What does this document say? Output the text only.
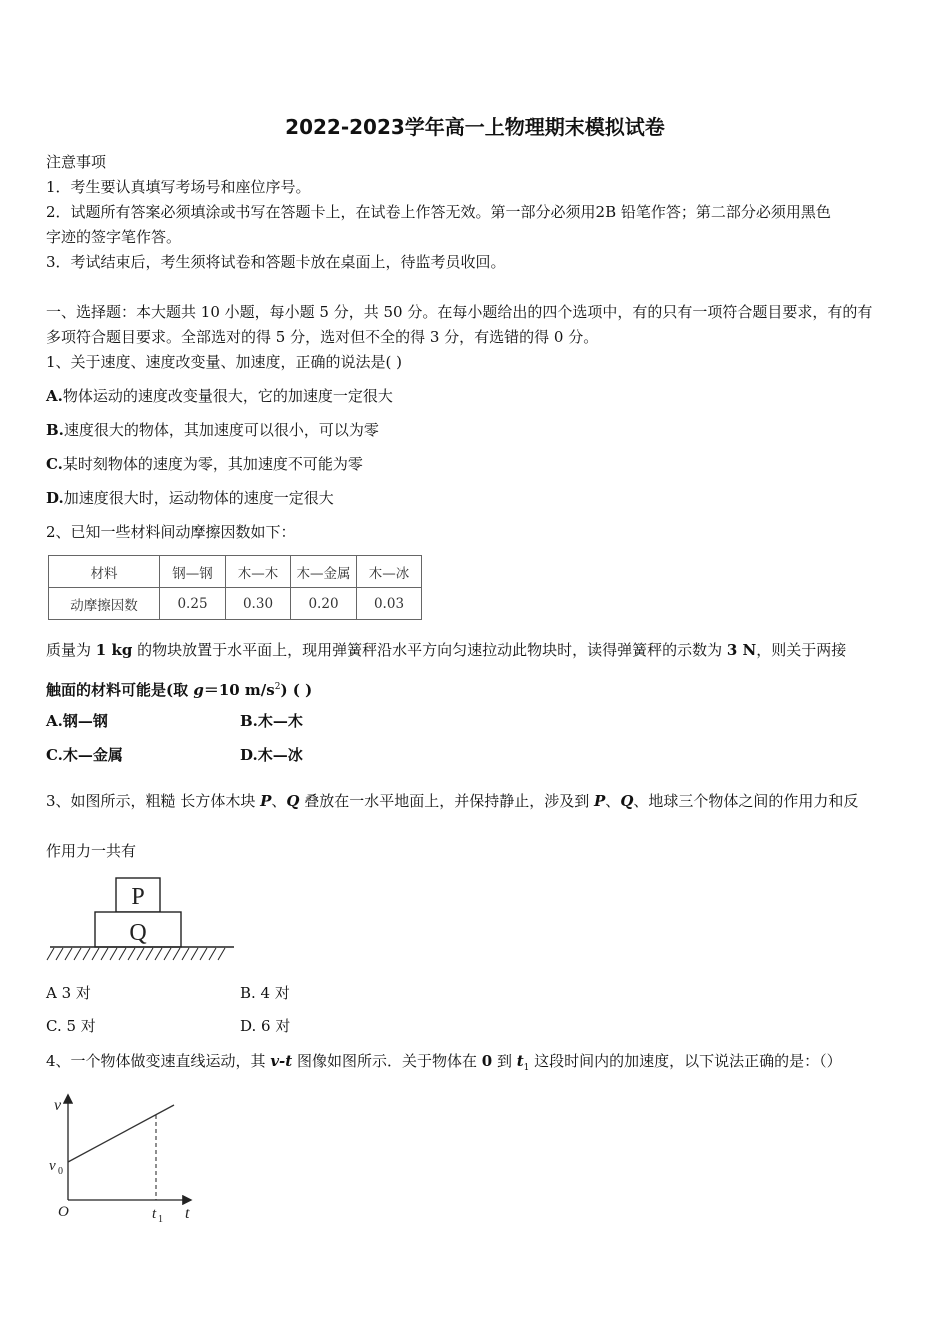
2022-2023学年高一上物理期末模拟试卷
注意事项
1．考生要认真填写考场号和座位序号。
2．试题所有答案必须填涂或书写在答题卡上，在试卷上作答无效。第一部分必须用2B 铅笔作答；第二部分必须用黑色
字迹的签字笔作答。
3．考试结束后，考生须将试卷和答题卡放在桌面上，待监考员收回。
一、选择题：本大题共 10 小题，每小题 5 分，共 50 分。在每小题给出的四个选项中，有的只有一项符合题目要求，有的有
多项符合题目要求。全部选对的得 5 分，选对但不全的得 3 分，有选错的得 0 分。
1、关于速度、速度改变量、加速度，正确的说法是( )
A.物体运动的速度改变量很大，它的加速度一定很大
B.速度很大的物体，其加速度可以很小，可以为零
C.某时刻物体的速度为零，其加速度不可能为零
D.加速度很大时，运动物体的速度一定很大
2、已知一些材料间动摩擦因数如下：
材料	钢—钢	木—木	木—金属	木—冰
动摩擦因数	0.25	0.30	0.20	0.03
质量为 1 kg 的物块放置于水平面上，现用弹簧秤沿水平方向匀速拉动此物块时，读得弹簧秤的示数为 3 N，则关于两接
触面的材料可能是(取 g＝10 $m/s^2$) ( )
A.钢—钢	B.木—木
C.木—金属	D.木—冰
3、如图所示，粗糙 长方体木块 P、Q 叠放在一水平地面上，并保持静止，涉及到 P、Q、地球三个物体之间的作用力和反
作用力一共有
P
Q
A 3 对	B. 4 对
C. 5 对	D. 6 对
4、一个物体做变速直线运动，其 v-t 图像如图所示．关于物体在 0 到 $t_1$ 这段时间内的加速度，以下说法正确的是：（）
v
t
O
v 0
t 1
